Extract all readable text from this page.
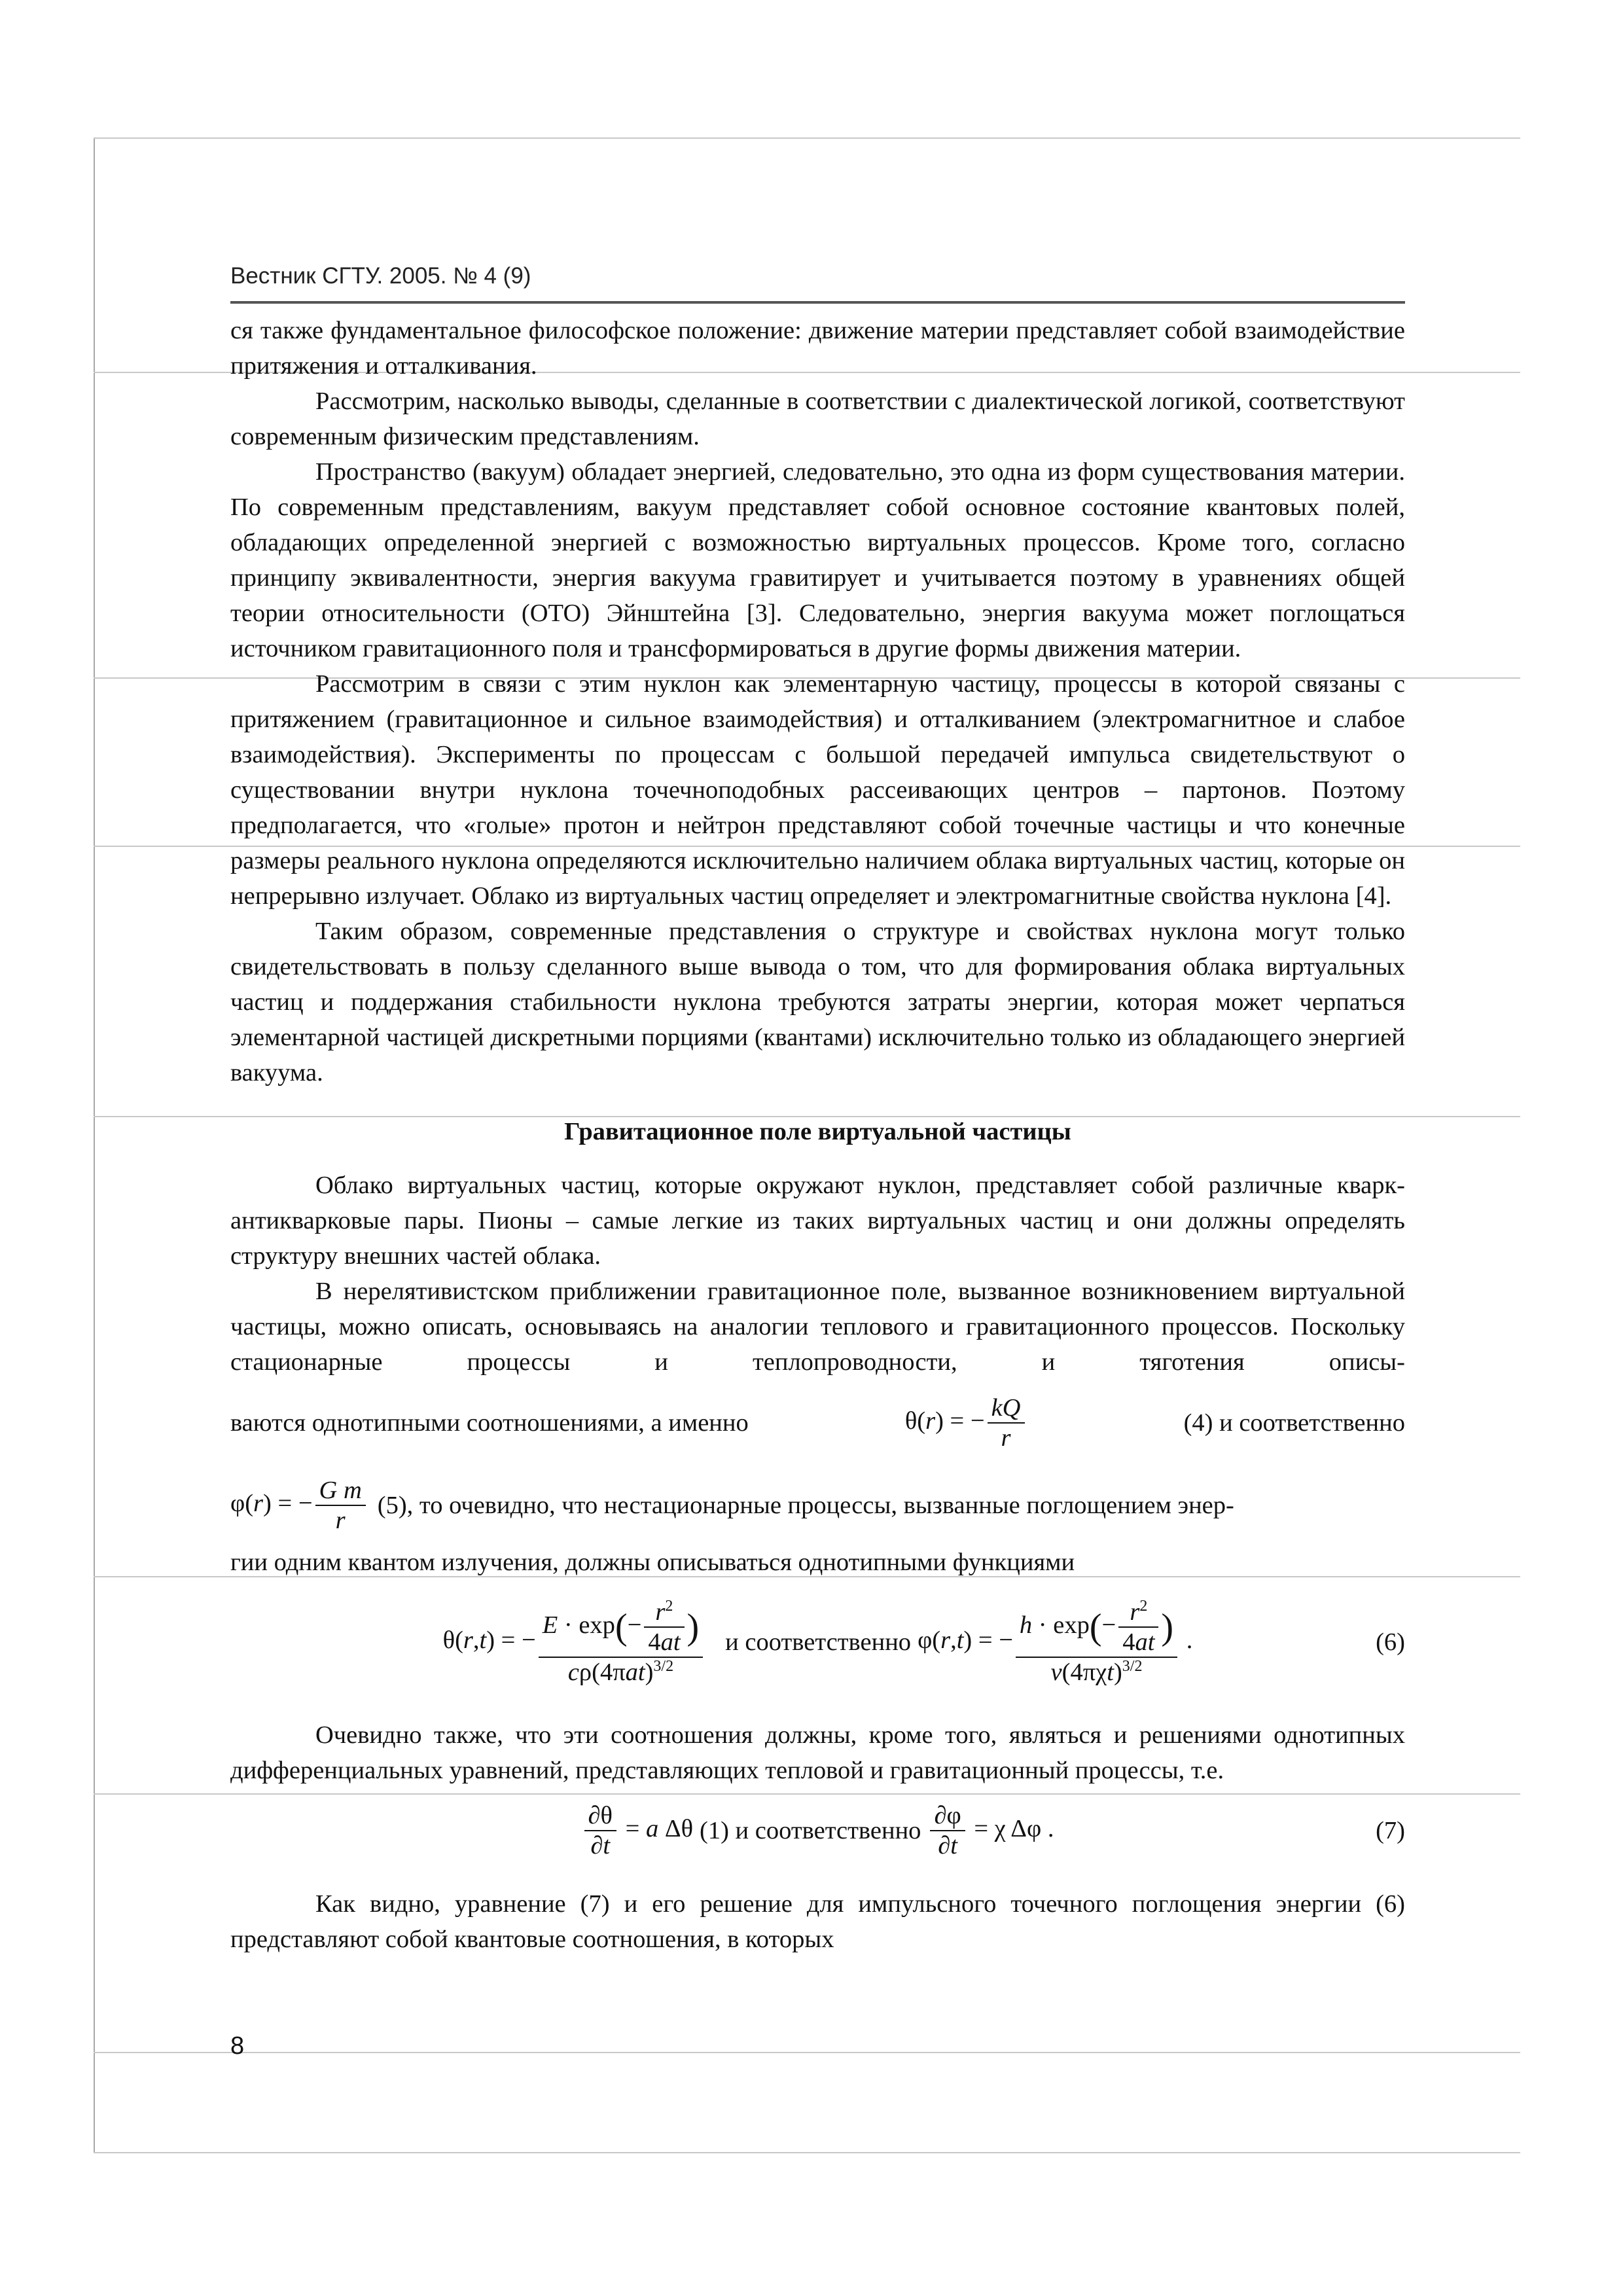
Вестник СГТУ. 2005. № 4 (9)

ся также фундаментальное философское положение: движение материи представляет собой взаимодействие притяжения и отталкивания.

Рассмотрим, насколько выводы, сделанные в соответствии с диалектической логикой, соответствуют современным физическим представлениям.

Пространство (вакуум) обладает энергией, следовательно, это одна из форм существования материи. По современным представлениям, вакуум представляет собой основное состояние квантовых полей, обладающих определенной энергией с возможностью виртуальных процессов. Кроме того, согласно принципу эквивалентности, энергия вакуума гравитирует и учитывается поэтому в уравнениях общей теории относительности (ОТО) Эйнштейна [3]. Следовательно, энергия вакуума может поглощаться источником гравитационного поля и трансформироваться в другие формы движения материи.

Рассмотрим в связи с этим нуклон как элементарную частицу, процессы в которой связаны с притяжением (гравитационное и сильное взаимодействия) и отталкиванием (электромагнитное и слабое взаимодействия). Эксперименты по процессам с большой передачей импульса свидетельствуют о существовании внутри нуклона точечноподобных рассеивающих центров – партонов. Поэтому предполагается, что «голые» протон и нейтрон представляют собой точечные частицы и что конечные размеры реального нуклона определяются исключительно наличием облака виртуальных частиц, которые он непрерывно излучает. Облако из виртуальных частиц определяет и электромагнитные свойства нуклона [4].

Таким образом, современные представления о структуре и свойствах нуклона могут только свидетельствовать в пользу сделанного выше вывода о том, что для формирования облака виртуальных частиц и поддержания стабильности нуклона требуются затраты энергии, которая может черпаться элементарной частицей дискретными порциями (квантами) исключительно только из обладающего энергией вакуума.

Гравитационное поле виртуальной частицы

Облако виртуальных частиц, которые окружают нуклон, представляет собой различные кварк-антикварковые пары. Пионы – самые легкие из таких виртуальных частиц и они должны определять структуру внешних частей облака.

В нерелятивистском приближении гравитационное поле, вызванное возникновением виртуальной частицы, можно описать, основываясь на аналогии теплового и гравитационного процессов. Поскольку стационарные процессы и теплопроводности, и тяготения описы-

ваются однотипными соотношениями, а именно	θ(r) = − $\frac{kQ}{r}$	(4) и соответственно
φ(r) = − $\frac{\text{G m}}{r} (5)$, то очевидно, что нестационарные процессы, вызванные поглощением энер-

гии одним квантом излучения, должны описываться однотипными функциями

θ(r,t) = − $\frac{E \cdot \exp(- \frac{r^2}{4at} )}{c\rho(4\pi at)^{3/2}}$ и соответственно φ(r,t) = − $\frac{h \cdot \exp(- \frac{r^2}{4at} )}{v(4\pi\chi t)^{3/2}}$ .	(6)

Очевидно также, что эти соотношения должны, кроме того, являться и решениями однотипных дифференциальных уравнений, представляющих тепловой и гравитационный процессы, т.е.

$\frac{\partial\theta}{\partial t} = a$ Δθ (1) и соответственно $\frac{\partial\varphi}{\partial t} = \chi$ Δφ .	(7)

Как видно, уравнение (7) и его решение для импульсного точечного поглощения энергии (6) представляют собой квантовые соотношения, в которых

8
